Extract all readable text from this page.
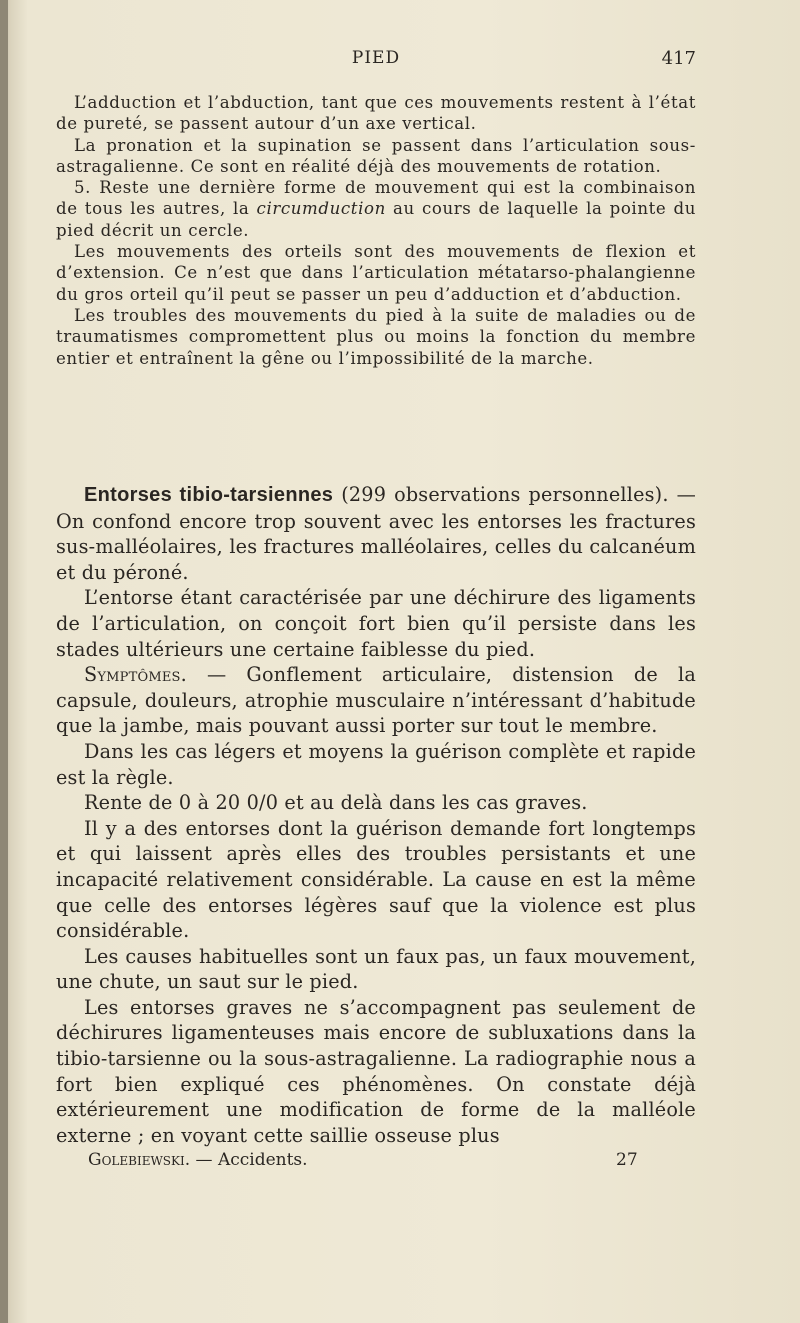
PIED	417

L’adduction et l’abduction, tant que ces mouvements restent à l’état de pureté, se passent autour d’un axe vertical.

La pronation et la supination se passent dans l’articulation sous-astragalienne. Ce sont en réalité déjà des mouvements de rotation.

5. Reste une dernière forme de mouvement qui est la combinaison de tous les autres, la circumduction au cours de laquelle la pointe du pied décrit un cercle.

Les mouvements des orteils sont des mouvements de flexion et d’extension. Ce n’est que dans l’articulation métatarso-phalangienne du gros orteil qu’il peut se passer un peu d’adduction et d’abduction.

Les troubles des mouvements du pied à la suite de maladies ou de traumatismes compromettent plus ou moins la fonction du membre entier et entraînent la gêne ou l’impossibilité de la marche.

Entorses tibio-tarsiennes (299 observations personnelles). — On confond encore trop souvent avec les entorses les fractures sus-malléolaires, les fractures malléolaires, celles du calcanéum et du péroné.

L’entorse étant caractérisée par une déchirure des ligaments de l’articulation, on conçoit fort bien qu’il persiste dans les stades ultérieurs une certaine faiblesse du pied.

Symptômes. — Gonflement articulaire, distension de la capsule, douleurs, atrophie musculaire n’intéressant d’habitude que la jambe, mais pouvant aussi porter sur tout le membre.

Dans les cas légers et moyens la guérison complète et rapide est la règle.

Rente de 0 à 20 0/0 et au delà dans les cas graves.

Il y a des entorses dont la guérison demande fort longtemps et qui laissent après elles des troubles persistants et une incapacité relativement considérable. La cause en est la même que celle des entorses légères sauf que la violence est plus considérable.

Les causes habituelles sont un faux pas, un faux mouvement, une chute, un saut sur le pied.

Les entorses graves ne s’accompagnent pas seulement de déchirures ligamenteuses mais encore de subluxations dans la tibio-tarsienne ou la sous-astragalienne. La radiographie nous a fort bien expliqué ces phénomènes. On constate déjà extérieurement une modification de forme de la malléole externe ; en voyant cette saillie osseuse plus

Golebiewski. — Accidents.	27
